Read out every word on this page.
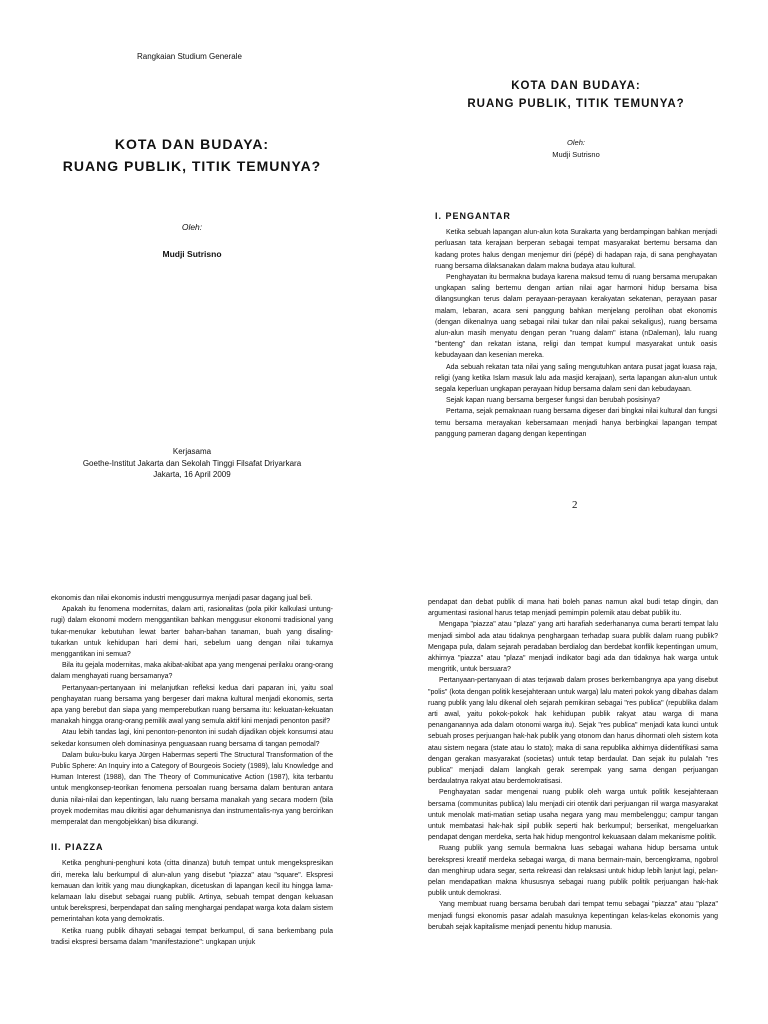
Rangkaian Studium Generale
KOTA DAN BUDAYA:
RUANG PUBLIK, TITIK TEMUNYA?
Oleh:
Mudji Sutrisno
Kerjasama
Goethe-Institut Jakarta dan Sekolah Tinggi Filsafat Driyarkara
Jakarta, 16 April 2009
KOTA DAN BUDAYA:
RUANG PUBLIK, TITIK TEMUNYA?
Oleh:
Mudji Sutrisno

I. PENGANTAR

Ketika sebuah lapangan alun-alun kota Surakarta yang berdampingan bahkan menjadi perluasan tata kerajaan berperan sebagai tempat masyarakat bertemu bersama dan kadang protes halus dengan menjemur diri (pépé) di hadapan raja, di sana penghayatan ruang bersama dilaksanakan dalam makna budaya atau kultural.

Penghayatan itu bermakna budaya karena maksud temu di ruang bersama merupakan ungkapan saling bertemu dengan artian nilai agar harmoni hidup bersama bisa dilangsungkan terus dalam perayaan-perayaan kerakyatan sekatenan, perayaan pasar malam, lebaran, acara seni panggung bahkan menjelang perolihan obat ekonomis (dengan dikenalnya uang sebagai nilai tukar dan nilai pakai sekaligus), ruang bersama alun-alun masih menyatu dengan peran "ruang dalam" istana (nDaleman), lalu ruang "benteng" dan rekatan istana, religi dan tempat kumpul masyarakat untuk oasis kebudayaan dan kesenian mereka.

Ada sebuah rekatan tata nilai yang saling mengutuhkan antara pusat jagat kuasa raja, religi (yang ketika Islam masuk lalu ada masjid kerajaan), serta lapangan alun-alun untuk segala keperluan ungkapan perayaan hidup bersama dalam seni dan kebudayaan.

Sejak kapan ruang bersama bergeser fungsi dan berubah posisinya?

Pertama, sejak pemaknaan ruang bersama digeser dari bingkai nilai kultural dan fungsi temu bersama merayakan kebersamaan menjadi hanya berbingkai lapangan tempat panggung pameran dagang dengan kepentingan

2

ekonomis dan nilai ekonomis industri menggusurnya menjadi pasar dagang jual beli.

Apakah itu fenomena modernitas, dalam arti, rasionalitas (pola pikir kalkulasi untung-rugi) dalam ekonomi modern menggantikan bahkan menggusur ekonomi tradisional yang tukar-menukar kebutuhan lewat barter bahan-bahan tanaman, buah yang disaling-tukarkan untuk kehidupan hari demi hari, sebelum uang dengan nilai tukarnya menggantikan ini semua?

Bila itu gejala modernitas, maka akibat-akibat apa yang mengenai perilaku orang-orang dalam menghayati ruang bersamanya?

Pertanyaan-pertanyaan ini melanjutkan refleksi kedua dari paparan ini, yaitu soal penghayatan ruang bersama yang bergeser dari makna kultural menjadi ekonomis, serta apa yang berebut dan siapa yang memperebutkan ruang bersama itu: kekuatan-kekuatan manakah hingga orang-orang pemilik awal yang semula aktif kini menjadi penonton pasif?

Atau lebih tandas lagi, kini penonton-penonton ini sudah dijadikan objek konsumsi atau sekedar konsumen oleh dominasinya penguasaan ruang bersama di tangan pemodal?

Dalam buku-buku karya Jürgen Habermas seperti The Structural Transformation of the Public Sphere: An Inquiry into a Category of Bourgeois Society (1989), lalu Knowledge and Human Interest (1988), dan The Theory of Communicative Action (1987), kita terbantu untuk mengkonsep-teorikan fenomena persoalan ruang bersama dalam benturan antara dunia nilai-nilai dan kepentingan, lalu ruang bersama manakah yang secara modern (bila proyek modernitas mau dikritisi agar dehumanisnya dan instrumentalis-nya yang bercirikan memperalat dan mengobjekkan) bisa dikurangi.

II. PIAZZA

Ketika penghuni-penghuni kota (citta dinanza) butuh tempat untuk mengekspresikan diri, mereka lalu berkumpul di alun-alun yang disebut "piazza" atau "square". Ekspresi kemauan dan kritik yang mau diungkapkan, dicetuskan di lapangan kecil itu hingga lama-kelamaan lalu disebut sebagai ruang publik. Artinya, sebuah tempat dengan keluasan untuk berekspresi, berpendapat dan saling menghargai pendapat warga kota dalam sistem pemerintahan kota yang demokratis.

Ketika ruang publik dihayati sebagai tempat berkumpul, di sana berkembang pula tradisi ekspresi bersama dalam "manifestazione": ungkapan unjuk

pendapat dan debat publik di mana hati boleh panas namun akal budi tetap dingin, dan argumentasi rasional harus tetap menjadi pemimpin polemik atau debat publik itu.

Mengapa "piazza" atau "plaza" yang arti harafiah sederhananya cuma berarti tempat lalu menjadi simbol ada atau tidaknya penghargaan terhadap suara publik dalam ruang publik? Mengapa pula, dalam sejarah peradaban berdialog dan berdebat konflik kepentingan umum, akhirnya "piazza" atau "plaza" menjadi indikator bagi ada dan tidaknya hak warga untuk mengritik, untuk bersuara?

Pertanyaan-pertanyaan di atas terjawab dalam proses berkembangnya apa yang disebut "polis" (kota dengan politik kesejahteraan untuk warga) lalu materi pokok yang dibahas dalam ruang publik yang lalu dikenal oleh sejarah pemikiran sebagai "res publica" (republika dalam arti awal, yaitu pokok-pokok hak kehidupan publik rakyat atau warga di mana penanganannya ada dalam otonomi warga itu). Sejak "res publica" menjadi kata kunci untuk sebuah proses perjuangan hak-hak publik yang otonom dan harus dihormati oleh sistem kota atau sistem negara (state atau lo stato); maka di sana republika akhirnya diidentifikasi sama dengan gerakan masyarakat (societas) untuk tetap berdaulat. Dan sejak itu pulalah "res publica" menjadi dalam langkah gerak serempak yang sama dengan perjuangan berdaulatnya rakyat atau berdemokratisasi.

Penghayatan sadar mengenai ruang publik oleh warga untuk politik kesejahteraan bersama (communitas publica) lalu menjadi ciri otentik dari perjuangan riil warga masyarakat untuk menolak mati-matian setiap usaha negara yang mau membelenggu; campur tangan untuk membatasi hak-hak sipil publik seperti hak berkumpul; berserikat, mengeluarkan pendapat dengan merdeka, serta hak hidup mengontrol kekuasaan dalam mekanisme politik.

Ruang publik yang semula bermakna luas sebagai wahana hidup bersama untuk berekspresi kreatif merdeka sebagai warga, di mana bermain-main, bercengkrama, ngobrol dan menghirup udara segar, serta rekreasi dan relaksasi untuk hidup lebih lanjut lagi, pelan-pelan mendapatkan makna khususnya sebagai ruang publik politik perjuangan hak-hak publik untuk demokrasi.

Yang membuat ruang bersama berubah dari tempat temu sebagai "piazza" atau "plaza" menjadi fungsi ekonomis pasar adalah masuknya kepentingan kelas-kelas ekonomis yang berubah sejak kapitalisme menjadi penentu hidup manusia.
